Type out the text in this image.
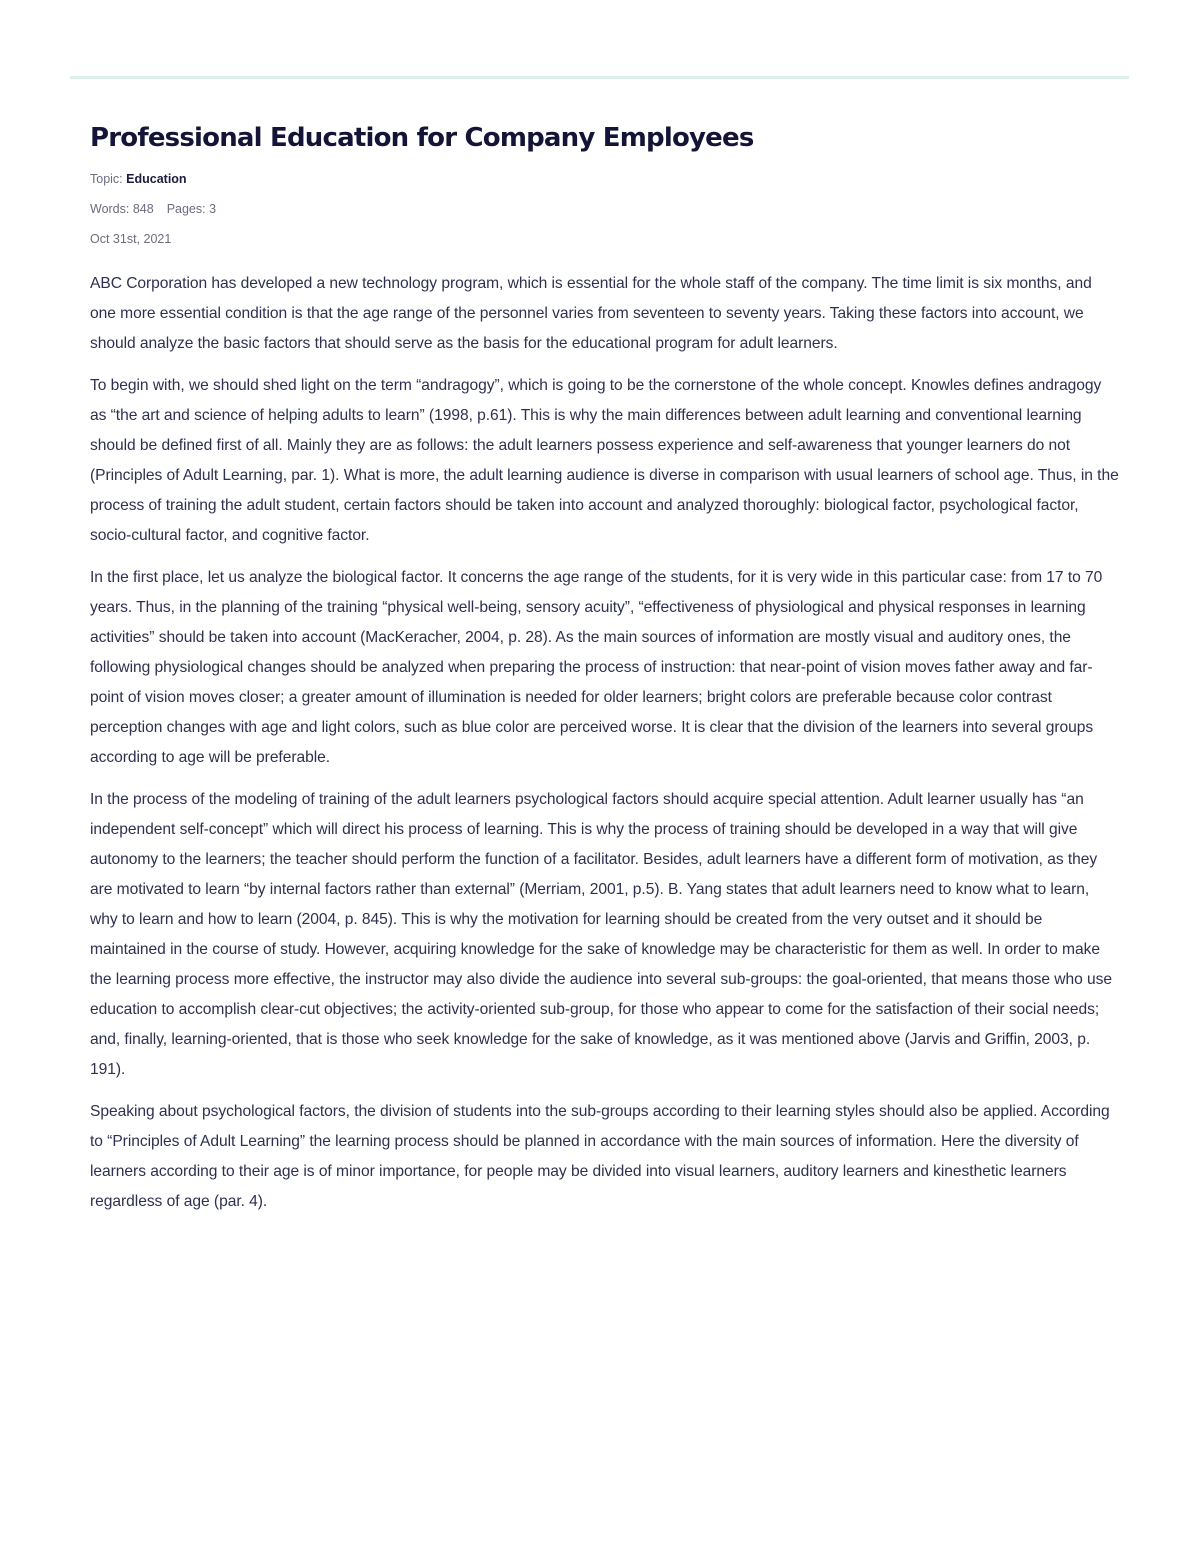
Professional Education for Company Employees
Topic: Education
Words: 848 Pages: 3
Oct 31st, 2021

ABC Corporation has developed a new technology program, which is essential for the whole staff of the company. The time limit is six months, and one more essential condition is that the age range of the personnel varies from seventeen to seventy years. Taking these factors into account, we should analyze the basic factors that should serve as the basis for the educational program for adult learners.

To begin with, we should shed light on the term “andragogy”, which is going to be the cornerstone of the whole concept. Knowles defines andragogy as “the art and science of helping adults to learn” (1998, p.61). This is why the main differences between adult learning and conventional learning should be defined first of all. Mainly they are as follows: the adult learners possess experience and self-awareness that younger learners do not (Principles of Adult Learning, par. 1). What is more, the adult learning audience is diverse in comparison with usual learners of school age. Thus, in the process of training the adult student, certain factors should be taken into account and analyzed thoroughly: biological factor, psychological factor, socio-cultural factor, and cognitive factor.

In the first place, let us analyze the biological factor. It concerns the age range of the students, for it is very wide in this particular case: from 17 to 70 years. Thus, in the planning of the training “physical well-being, sensory acuity”, “effectiveness of physiological and physical responses in learning activities” should be taken into account (MacKeracher, 2004, p. 28). As the main sources of information are mostly visual and auditory ones, the following physiological changes should be analyzed when preparing the process of instruction: that near-point of vision moves father away and far-point of vision moves closer; a greater amount of illumination is needed for older learners; bright colors are preferable because color contrast perception changes with age and light colors, such as blue color are perceived worse. It is clear that the division of the learners into several groups according to age will be preferable.

In the process of the modeling of training of the adult learners psychological factors should acquire special attention. Adult learner usually has “an independent self-concept” which will direct his process of learning. This is why the process of training should be developed in a way that will give autonomy to the learners; the teacher should perform the function of a facilitator. Besides, adult learners have a different form of motivation, as they are motivated to learn “by internal factors rather than external” (Merriam, 2001, p.5). B. Yang states that adult learners need to know what to learn, why to learn and how to learn (2004, p. 845). This is why the motivation for learning should be created from the very outset and it should be maintained in the course of study. However, acquiring knowledge for the sake of knowledge may be characteristic for them as well. In order to make the learning process more effective, the instructor may also divide the audience into several sub-groups: the goal-oriented, that means those who use education to accomplish clear-cut objectives; the activity-oriented sub-group, for those who appear to come for the satisfaction of their social needs; and, finally, learning-oriented, that is those who seek knowledge for the sake of knowledge, as it was mentioned above (Jarvis and Griffin, 2003, p. 191).

Speaking about psychological factors, the division of students into the sub-groups according to their learning styles should also be applied. According to “Principles of Adult Learning” the learning process should be planned in accordance with the main sources of information. Here the diversity of learners according to their age is of minor importance, for people may be divided into visual learners, auditory learners and kinesthetic learners regardless of age (par. 4).
